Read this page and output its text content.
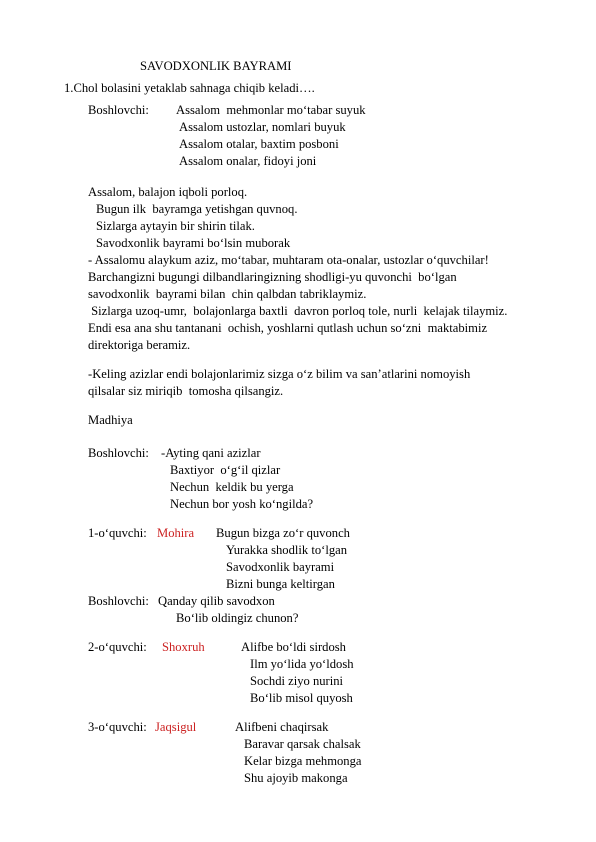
SAVODXONLIK BAYRAMI
1.Chol bolasini yetaklab sahnaga chiqib keladi….
Boshlovchi: Assalom  mehmonlar mo‘tabar suyuk
Assalom ustozlar, nomlari buyuk
Assalom otalar, baxtim posboni
Assalom onalar, fidoyi joni
Assalom, balajon iqboli porloq.
Bugun ilk  bayramga yetishgan quvnoq.
Sizlarga aytayin bir shirin tilak.
Savodxonlik bayrami bo‘lsin muborak
- Assalomu alaykum aziz, mo‘tabar, muhtaram ota-onalar, ustozlar o‘quvchilar!
Barchangizni bugungi dilbandlaringizning shodligi-yu quvonchi  bo‘lgan
savodxonlik  bayrami bilan  chin qalbdan tabriklaymiz.
Sizlarga uzoq-umr,  bolajonlarga baxtli  davron porloq tole, nurli  kelajak tilaymiz.
Endi esa ana shu tantanani  ochish, yoshlarni qutlash uchun so‘zni  maktabimiz
direktoriga beramiz.
-Keling azizlar endi bolajonlarimiz sizga o‘z bilim va san’atlarini nomoyish
qilsalar siz miriqib  tomosha qilsangiz.
Madhiya
Boshlovchi: -Ayting qani azizlar
Baxtiyor  o‘g‘il qizlar
Nechun  keldik bu yerga
Nechun bor yosh ko‘ngilda?
1-o‘quvchi: Mohira Bugun bizga zo‘r quvonch
Yurakka shodlik to‘lgan
Savodxonlik bayrami
Bizni bunga keltirgan
Boshlovchi: Qanday qilib savodxon
Bo‘lib oldingiz chunon?
2-o‘quvchi: Shoxruh	Alifbe bo‘ldi sirdosh
Ilm yo‘lida yo‘ldosh
Sochdi ziyo nurini
Bo‘lib misol quyosh
3-o‘quvchi: Jaqsigul	Alifbeni chaqirsak
Baravar qarsak chalsak
Kelar bizga mehmonga
Shu ajoyib makonga
